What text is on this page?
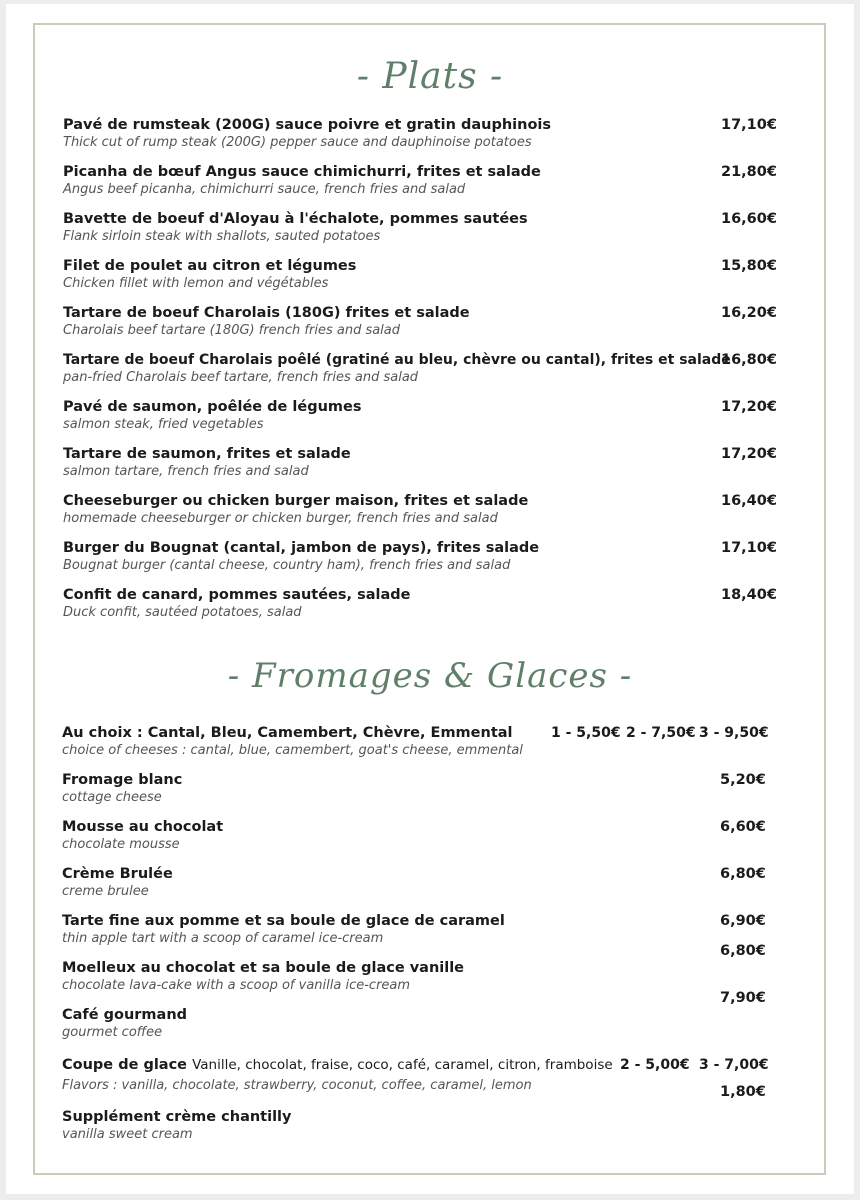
- Plats -
Pavé de rumsteak (200G) sauce poivre et gratin dauphinois
Thick cut of rump steak (200G) pepper sauce and dauphinoise potatoes
17,10€
Picanha de bœuf Angus sauce chimichurri, frites et salade
Angus beef picanha, chimichurri sauce, french fries and salad
21,80€
Bavette de boeuf d'Aloyau à l'échalote, pommes sautées
Flank sirloin steak with shallots, sauted potatoes
16,60€
Filet de poulet au citron et légumes
Chicken fillet with lemon and végétables
15,80€
Tartare de boeuf Charolais (180G) frites et salade
Charolais beef tartare (180G) french fries and salad
16,20€
Tartare de boeuf Charolais poêlé (gratiné au bleu, chèvre ou cantal), frites et salade
pan-fried Charolais beef tartare, french fries and salad
16,80€
Pavé de saumon, poêlée de légumes
salmon steak, fried vegetables
17,20€
Tartare de saumon, frites et salade
salmon tartare, french fries and salad
17,20€
Cheeseburger ou chicken burger maison, frites et salade
homemade cheeseburger or chicken burger, french fries and salad
16,40€
Burger du Bougnat (cantal, jambon de pays), frites salade
Bougnat burger (cantal cheese, country ham), french fries and salad
17,10€
Confit de canard, pommes sautées, salade
Duck confit, sautéed potatoes, salad
18,40€
- Fromages & Glaces -
Au choix : Cantal, Bleu, Camembert, Chèvre, Emmental
choice of cheeses : cantal, blue, camembert, goat's cheese, emmental
1 - 5,50€ 2 - 7,50€ 3 - 9,50€
Fromage blanc
cottage cheese
5,20€
Mousse au chocolat
chocolate mousse
6,60€
Crème Brulée
creme brulee
6,80€
Tarte fine aux pomme et sa boule de glace de caramel
thin apple tart with a scoop of caramel ice-cream
6,90€
Moelleux au chocolat et sa boule de glace vanille
chocolate lava-cake with a scoop of vanilla ice-cream
6,80€
Café gourmand
gourmet coffee
7,90€
Coupe de glace Vanille, chocolat, fraise, coco, café, caramel, citron, framboise
Flavors : vanilla, chocolate, strawberry, coconut, coffee, caramel, lemon
2 - 5,00€ 3 - 7,00€
Supplément crème chantilly
vanilla sweet cream
1,80€
